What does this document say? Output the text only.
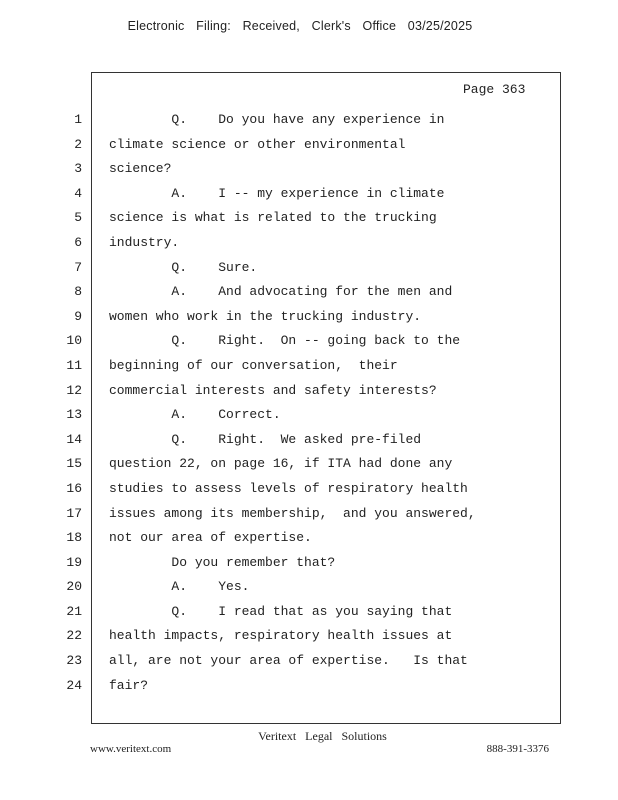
Electronic Filing: Received, Clerk's Office 03/25/2025
Page 363
1 Q.    Do you have any experience in
2 climate science or other environmental
3 science?
4 A.    I -- my experience in climate
5 science is what is related to the trucking
6 industry.
7 Q.    Sure.
8 A.    And advocating for the men and
9 women who work in the trucking industry.
10 Q.    Right.  On -- going back to the
11 beginning of our conversation,  their
12 commercial interests and safety interests?
13 A.    Correct.
14 Q.    Right.  We asked pre-filed
15 question 22, on page 16, if ITA had done any
16 studies to assess levels of respiratory health
17 issues among its membership,  and you answered,
18 not our area of expertise.
19 Do you remember that?
20 A.    Yes.
21 Q.    I read that as you saying that
22 health impacts, respiratory health issues at
23 all, are not your area of expertise.   Is that
24 fair?
Veritext Legal Solutions
www.veritext.com	888-391-3376
